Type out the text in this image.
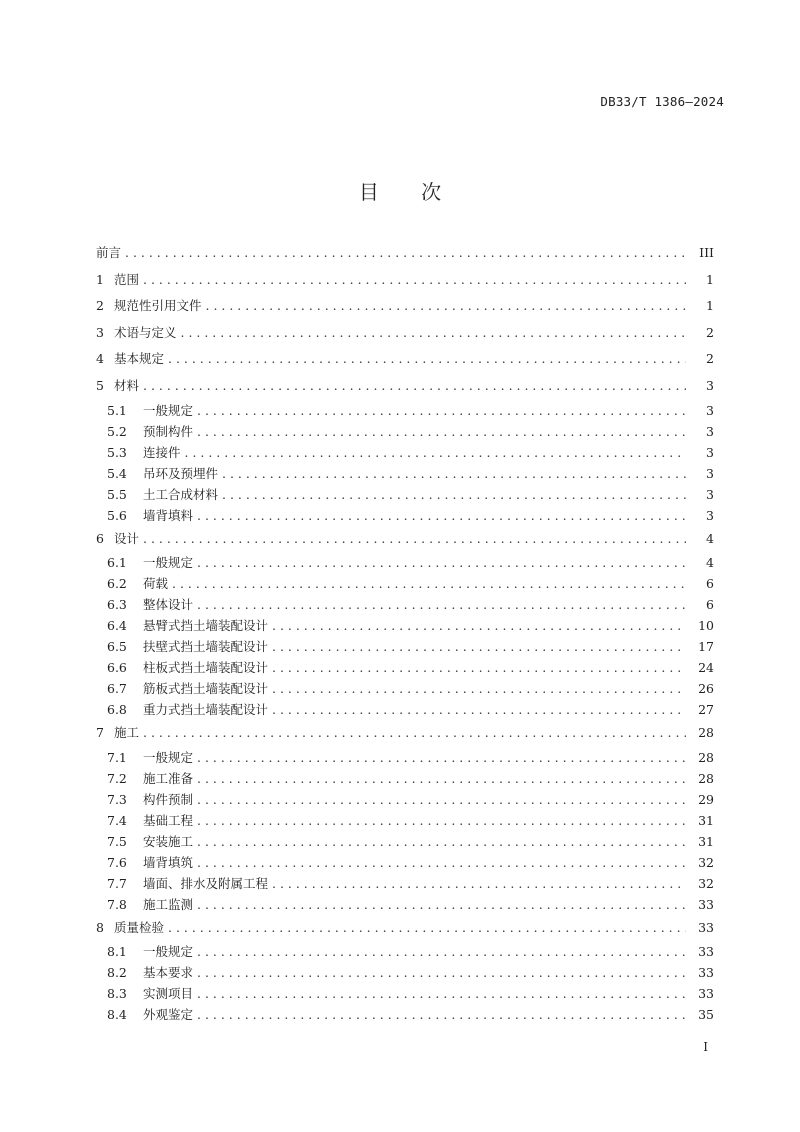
DB33/T 1386—2024
目 次
前言 . . .	III
1 范围 . . .	1
2 规范性引用文件 . . .	1
3 术语与定义 . . .	2
4 基本规定 . . .	2
5 材料 . . .	3
5.1	一般规定 . . .	3
5.2	预制构件 . . .	3
5.3	连接件 . . .	3
5.4	吊环及预埋件 . . .	3
5.5	土工合成材料 . . .	3
5.6	墙背填料 . . .	3
6 设计 . . .	4
6.1	一般规定 . . .	4
6.2	荷载 . . .	6
6.3	整体设计 . . .	6
6.4	悬臂式挡土墙装配设计 . . .	10
6.5	扶壁式挡土墙装配设计 . . .	17
6.6	柱板式挡土墙装配设计 . . .	24
6.7	筋板式挡土墙装配设计 . . .	26
6.8	重力式挡土墙装配设计 . . .	27
7 施工 . . .	28
7.1	一般规定 . . .	28
7.2	施工准备 . . .	28
7.3	构件预制 . . .	29
7.4	基础工程 . . .	31
7.5	安装施工 . . .	31
7.6	墙背填筑 . . .	32
7.7	墙面、排水及附属工程 . . .	32
7.8	施工监测 . . .	33
8 质量检验 . . .	33
8.1	一般规定 . . .	33
8.2	基本要求 . . .	33
8.3	实测项目 . . .	33
8.4	外观鉴定 . . .	35
I
